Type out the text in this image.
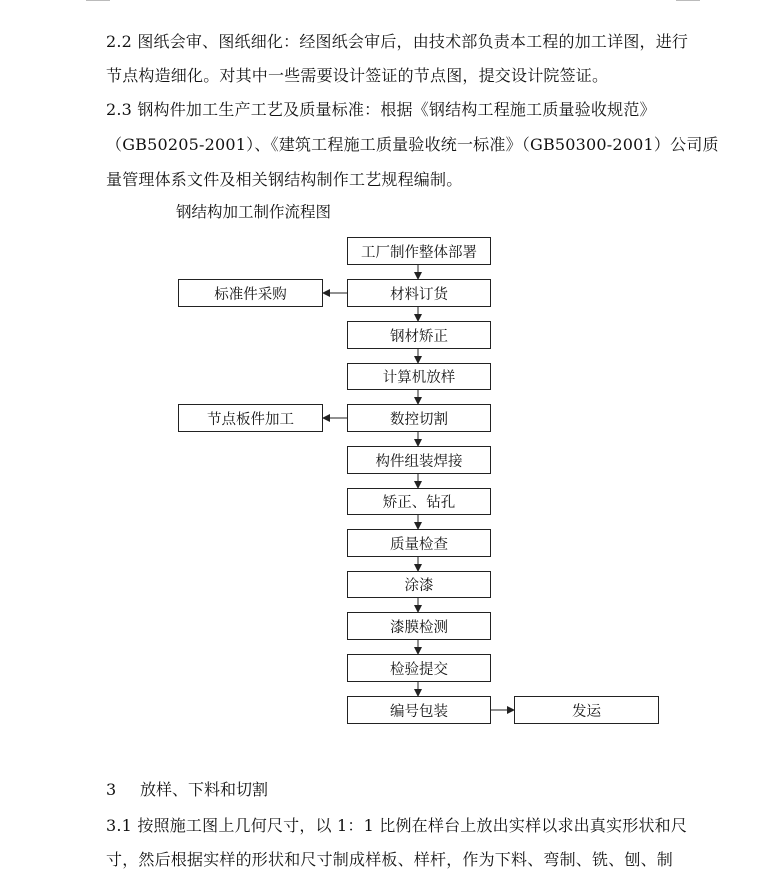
2.2 图纸会审、图纸细化：经图纸会审后，由技术部负责本工程的加工详图，进行
节点构造细化。对其中一些需要设计签证的节点图，提交设计院签证。
2.3 钢构件加工生产工艺及质量标准：根据《钢结构工程施工质量验收规范》
（GB50205-2001）、《建筑工程施工质量验收统一标准》（GB50300-2001）公司质
量管理体系文件及相关钢结构制作工艺规程编制。
钢结构加工制作流程图
工厂制作整体部署
材料订货
钢材矫正
计算机放样
数控切割
构件组装焊接
矫正、钻孔
质量检查
涂漆
漆膜检测
检验提交
编号包装
标准件采购
节点板件加工
发运
3 放样、下料和切割
3.1 按照施工图上几何尺寸，以 1：1 比例在样台上放出实样以求出真实形状和尺
寸，然后根据实样的形状和尺寸制成样板、样杆，作为下料、弯制、铣、刨、制
